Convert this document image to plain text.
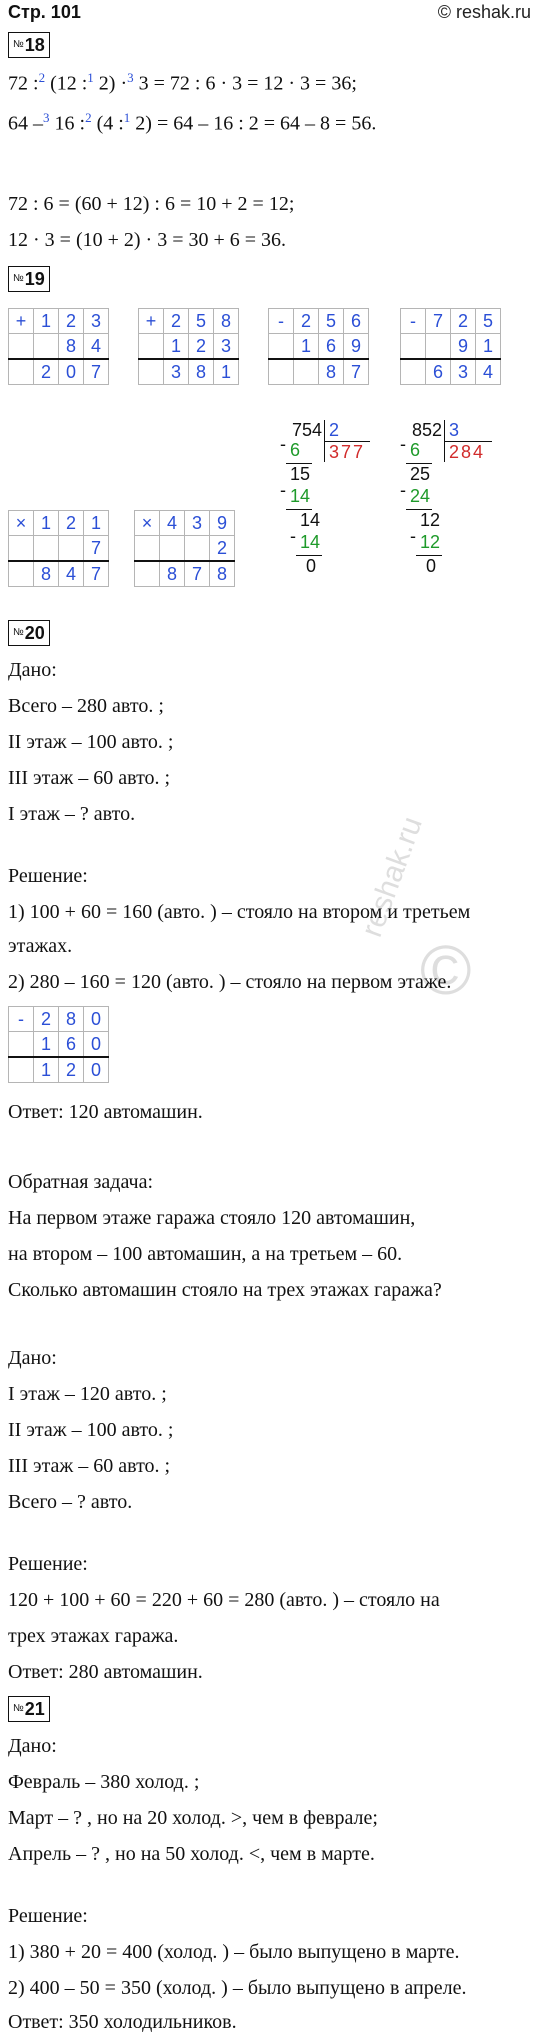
Стр. 101	© reshak.ru
reshak.ru
©
№18
72 :$^2$ (12 :$^1$ 2) ·$^3$ 3 = 72 : 6 · 3 = 12 · 3 = 36;
64 –$^3$ 16 :$^2$ (4 :$^1$ 2) = 64 – 16 : 2 = 64 – 8 = 56.
72 : 6 = (60 + 12) : 6 = 10 + 2 = 12;
12 · 3 = (10 + 2) · 3 = 30 + 6 = 36.
№19
+	1	2	3
		8	4
	2	0	7
+	2	5	8
	1	2	3
	3	8	1
-	2	5	6
	1	6	9
		8	7
-	7	2	5
		9	1
	6	3	4
×	1	2	1
			7
	8	4	7
×	4	3	9
			2
	8	7	8
754 2
377
- 6
15
- 14
14
- 14
0
852 3
284
- 6
25
- 24
12
- 12
0
№20
Дано:
Всего – 280 авто. ;
II этаж – 100 авто. ;
III этаж – 60 авто. ;
I этаж – ? авто.
Решение:
1) 100 + 60 = 160 (авто. ) – стояло на втором и третьем
этажах.
2) 280 – 160 = 120 (авто. ) – стояло на первом этаже.
-	2	8	0
	1	6	0
	1	2	0
Ответ: 120 автомашин.
Обратная задача:
На первом этаже гаража стояло 120 автомашин,
на втором – 100 автомашин, а на третьем – 60.
Сколько автомашин стояло на трех этажах гаража?
Дано:
I этаж – 120 авто. ;
II этаж – 100 авто. ;
III этаж – 60 авто. ;
Всего – ? авто.
Решение:
120 + 100 + 60 = 220 + 60 = 280 (авто. ) – стояло на
трех этажах гаража.
Ответ: 280 автомашин.
№21
Дано:
Февраль – 380 холод. ;
Март – ? , но на 20 холод. >, чем в феврале;
Апрель – ? , но на 50 холод. <, чем в марте.
Решение:
1) 380 + 20 = 400 (холод. ) – было выпущено в марте.
2) 400 – 50 = 350 (холод. ) – было выпущено в апреле.
Ответ: 350 холодильников.
